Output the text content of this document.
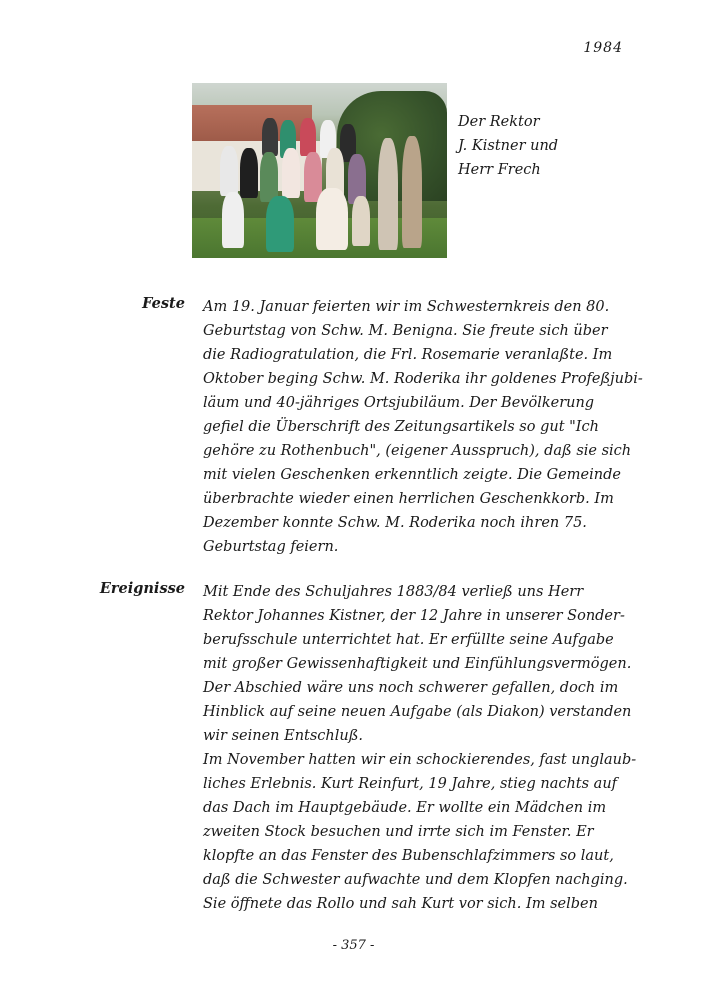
1984
Der Rektor
J. Kistner und
Herr Frech
Feste Am 19. Januar feierten wir im Schwesternkreis den 80.
Geburtstag von Schw. M. Benigna. Sie freute sich über
die Radiogratulation, die Frl. Rosemarie veranlaßte. Im
Oktober beging Schw. M. Roderika ihr goldenes Profeßjubi-
läum und 40-jähriges Ortsjubiläum. Der Bevölkerung
gefiel die Überschrift des Zeitungsartikels so gut "Ich
gehöre zu Rothenbuch", (eigener Ausspruch), daß sie sich
mit vielen Geschenken erkenntlich zeigte. Die Gemeinde
überbrachte wieder einen herrlichen Geschenkkorb. Im
Dezember konnte Schw. M. Roderika noch ihren 75.
Geburtstag feiern.
Ereignisse Mit Ende des Schuljahres 1883/84 verließ uns Herr
Rektor Johannes Kistner, der 12 Jahre in unserer Sonder-
berufsschule unterrichtet hat. Er erfüllte seine Aufgabe
mit großer Gewissenhaftigkeit und Einfühlungsvermögen.
Der Abschied wäre uns noch schwerer gefallen, doch im
Hinblick auf seine neuen Aufgabe (als Diakon) verstanden
wir seinen Entschluß.
Im November hatten wir ein schockierendes, fast unglaub-
liches Erlebnis. Kurt Reinfurt, 19 Jahre, stieg nachts auf
das Dach im Hauptgebäude. Er wollte ein Mädchen im
zweiten Stock besuchen und irrte sich im Fenster. Er
klopfte an das Fenster des Bubenschlafzimmers so laut,
daß die Schwester aufwachte und dem Klopfen nachging.
Sie öffnete das Rollo und sah Kurt vor sich. Im selben
- 357 -
